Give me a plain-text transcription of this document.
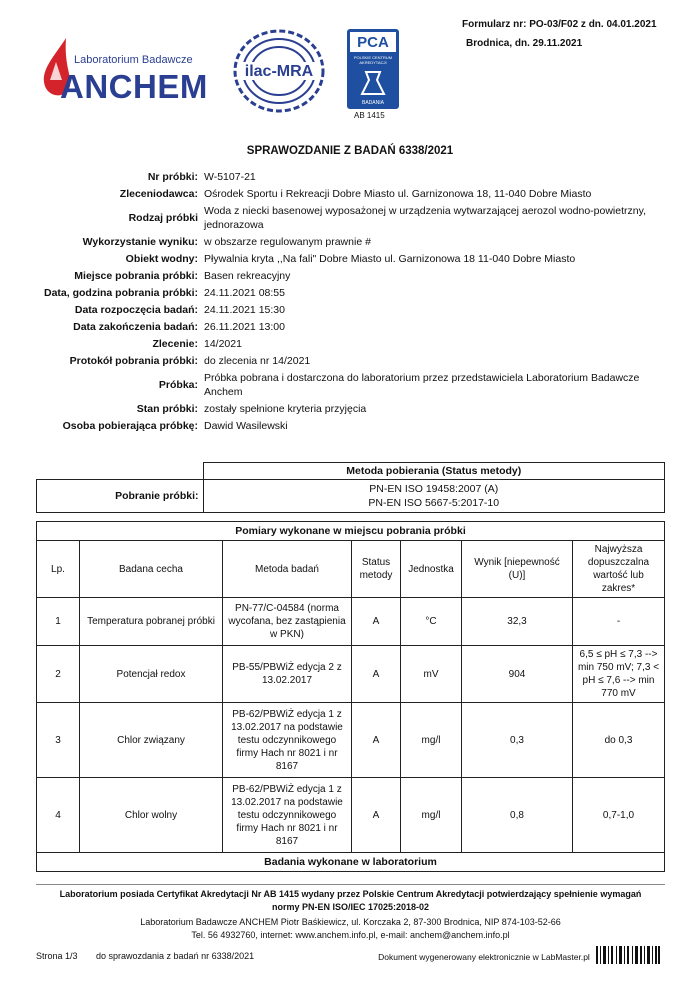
Formularz nr: PO-03/F02 z dn. 04.01.2021
Brodnica, dn. 29.11.2021
Laboratorium Badawcze
ANCHEM ilac-MRA
PCA
POLSKIE CENTRUM
AKREDYTACJI
BADANIA
AB 1415
SPRAWOZDANIE Z BADAŃ 6338/2021
Nr próbki: W-5107-21
Zleceniodawca: Ośrodek Sportu i Rekreacji Dobre Miasto ul. Garnizonowa 18, 11-040 Dobre Miasto
Rodzaj próbki
Woda z niecki basenowej wyposażonej w urządzenia wytwarzającej aerozol wodno-powietrzny, jednorazowa
Wykorzystanie wyniku: w obszarze regulowanym prawnie #
Obiekt wodny: Pływalnia kryta ,,Na fali" Dobre Miasto ul. Garnizonowa 18 11-040 Dobre Miasto
Miejsce pobrania próbki: Basen rekreacyjny
Data, godzina pobrania próbki: 24.11.2021 08:55
Data rozpoczęcia badań: 24.11.2021 15:30
Data zakończenia badań: 26.11.2021 13:00
Zlecenie: 14/2021
Protokół pobrania próbki: do zlecenia nr 14/2021
Próbka:
Próbka pobrana i dostarczona do laboratorium przez przedstawiciela Laboratorium Badawcze Anchem
Stan próbki: zostały spełnione kryteria przyjęcia
Osoba pobierająca próbkę: Dawid Wasilewski
	Metoda pobierania (Status metody)
Pobranie próbki:	PN-EN ISO 19458:2007 (A)
PN-EN ISO 5667-5:2017-10
Pomiary wykonane w miejscu pobrania próbki						
Lp.	Badana cecha	Metoda badań	Status metody	Jednostka	Wynik [niepewność (U)]	Najwyższa dopuszczalna wartość lub zakres*
1	Temperatura pobranej próbki	PN-77/C-04584 (norma wycofana, bez zastąpienia w PKN)	A	°C	32,3	-
2	Potencjał redox	PB-55/PBWiŻ edycja 2 z 13.02.2017	A	mV	904	6,5 ≤ pH ≤ 7,3 --> min 750 mV; 7,3 < pH ≤ 7,6 --> min 770 mV
3	Chlor związany	PB-62/PBWiŻ edycja 1 z 13.02.2017 na podstawie testu odczynnikowego firmy Hach nr 8021 i nr 8167	A	mg/l	0,3	do 0,3
4	Chlor wolny	PB-62/PBWiŻ edycja 1 z 13.02.2017 na podstawie testu odczynnikowego firmy Hach nr 8021 i nr 8167	A	mg/l	0,8	0,7-1,0
Badania wykonane w laboratorium						
Laboratorium posiada Certyfikat Akredytacji Nr AB 1415 wydany przez Polskie Centrum Akredytacji potwierdzający spełnienie wymagań
normy PN-EN ISO/IEC 17025:2018-02
Laboratorium Badawcze ANCHEM Piotr Baśkiewicz, ul. Korczaka 2, 87-300 Brodnica, NIP 874-103-52-66
Tel. 56 4932760, internet: www.anchem.info.pl, e-mail: anchem@anchem.info.pl
Strona 1/3 do sprawozdania z badań nr 6338/2021	Dokument wygenerowany elektronicznie w LabMaster.pl
